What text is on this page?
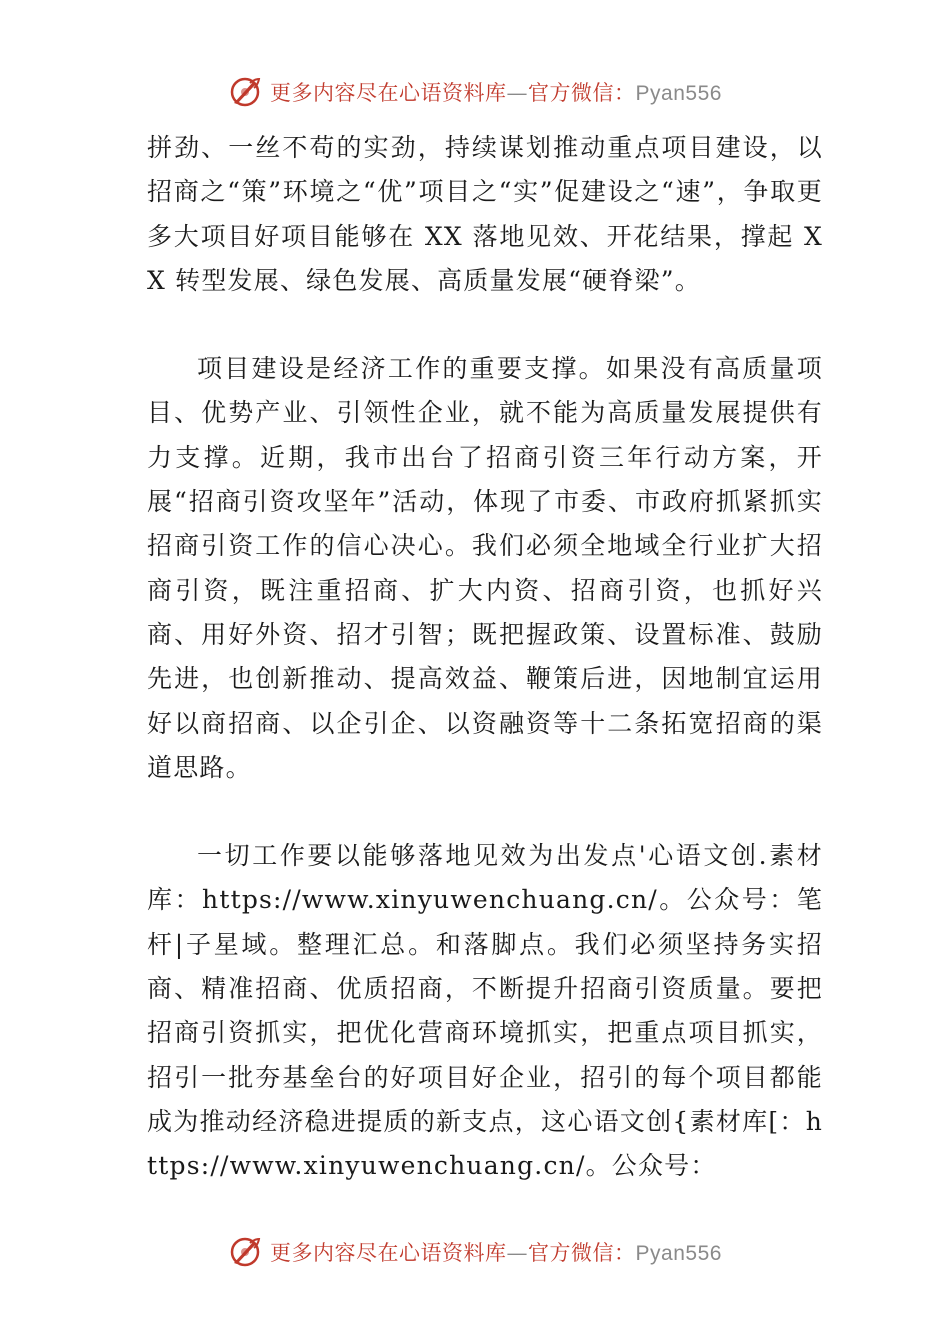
更多内容尽在心语资料库—官方微信：Pyan556

拼劲、一丝不苟的实劲，持续谋划推动重点项目建设，以招商之“策”环境之“优”项目之“实”促建设之“速”，争取更多大项目好项目能够在 XX 落地见效、开花结果，撑起 XX 转型发展、绿色发展、高质量发展“硬脊梁”。

项目建设是经济工作的重要支撑。如果没有高质量项目、优势产业、引领性企业，就不能为高质量发展提供有力支撑。近期，我市出台了招商引资三年行动方案，开展“招商引资攻坚年”活动，体现了市委、市政府抓紧抓实招商引资工作的信心决心。我们必须全地域全行业扩大招商引资，既注重招商、扩大内资、招商引资，也抓好兴商、用好外资、招才引智；既把握政策、设置标准、鼓励先进，也创新推动、提高效益、鞭策后进，因地制宜运用好以商招商、以企引企、以资融资等十二条拓宽招商的渠道思路。

一切工作要以能够落地见效为出发点'心语文创.素材库：https://www.xinyuwenchuang.cn/。公众号：笔杆|子星域。整理汇总。和落脚点。我们必须坚持务实招商、精准招商、优质招商，不断提升招商引资质量。要把招商引资抓实，把优化营商环境抓实，把重点项目抓实，招引一批夯基垒台的好项目好企业，招引的每个项目都能成为推动经济稳进提质的新支点，这心语文创{素材库[：https://www.xinyuwenchuang.cn/。公众号：

更多内容尽在心语资料库—官方微信：Pyan556
